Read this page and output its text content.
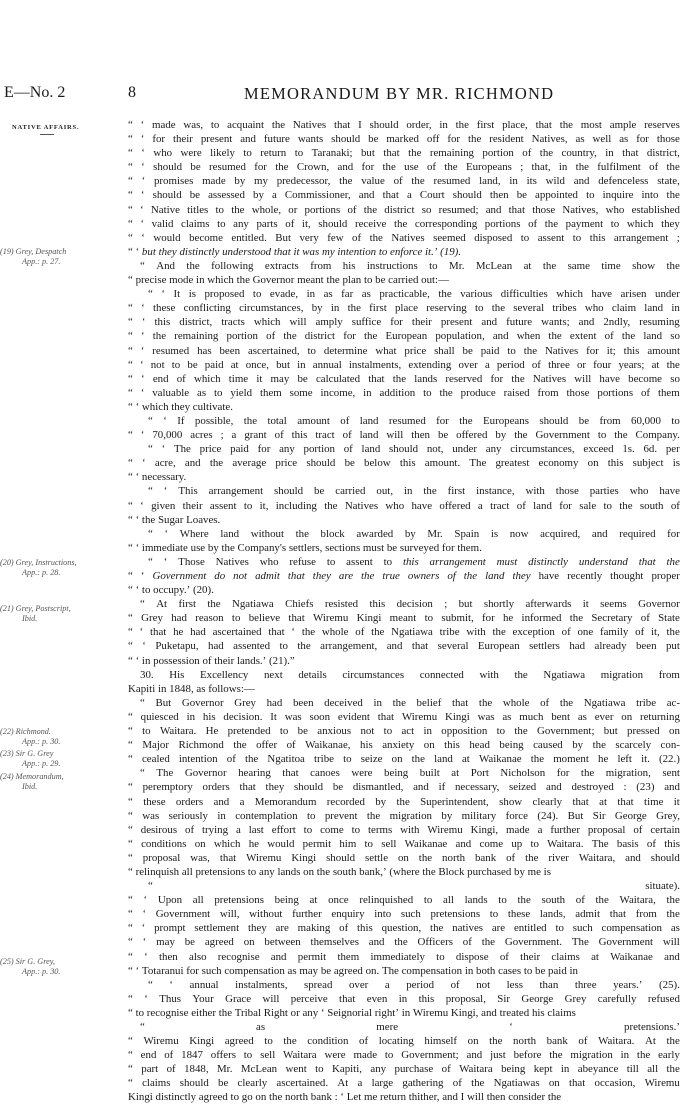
E—No. 2	8	MEMORANDUM BY MR. RICHMOND
NATIVE AFFAIRS.
(19) Grey, Despatch
App.: p. 27.
(20) Grey, Instructions,
App.: p. 28.
(21) Grey, Postscript,
Ibid.
(22) Richmond.
App.: p. 30.
(23) Sir G. Grey
App.: p. 29.
(24) Memorandum,
Ibid.
(25) Sir G. Grey,
App.: p. 30.
“ ‘ made was, to acquaint the Natives that I should order, in the first place, that the most ample reserves
“ ‘ for their present and future wants should be marked off for the resident Natives, as well as for those
“ ‘ who were likely to return to Taranaki; but that the remaining portion of the country, in that district,
“ ‘ should be resumed for the Crown, and for the use of the Europeans ; that, in the fulfilment of the
“ ‘ promises made by my predecessor, the value of the resumed land, in its wild and defenceless state,
“ ‘ should be assessed by a Commissioner, and that a Court should then be appointed to inquire into the
“ ‘ Native titles to the whole, or portions of the district so resumed; and that those Natives, who established
“ ‘ valid claims to any parts of it, should receive the corresponding portions of the payment to which they
“ ‘ would become entitled. But very few of the Natives seemed disposed to assent to this arrangement ;
“ ‘ but they distinctly understood that it was my intention to enforce it.’ (19).
“ And the following extracts from his instructions to Mr. McLean at the same time show the
“ precise mode in which the Governor meant the plan to be carried out:—
“ ‘ It is proposed to evade, in as far as practicable, the various difficulties which have arisen under
“ ‘ these conflicting circumstances, by in the first place reserving to the several tribes who claim land in
“ ‘ this district, tracts which will amply suffice for their present and future wants; and 2ndly, resuming
“ ‘ the remaining portion of the district for the European population, and when the extent of the land so
“ ‘ resumed has been ascertained, to determine what price shall be paid to the Natives for it; this amount
“ ‘ not to be paid at once, but in annual instalments, extending over a period of three or four years; at the
“ ‘ end of which time it may be calculated that the lands reserved for the Natives will have become so
“ ‘ valuable as to yield them some income, in addition to the produce raised from those portions of them
“ ‘ which they cultivate.
“ ‘ If possible, the total amount of land resumed for the Europeans should be from 60,000 to
“ ‘ 70,000 acres ; a grant of this tract of land will then be offered by the Government to the Company.
“ ‘ The price paid for any portion of land should not, under any circumstances, exceed 1s. 6d. per
“ ‘ acre, and the average price should be below this amount. The greatest economy on this subject is
“ ‘ necessary.
“ ‘ This arrangement should be carried out, in the first instance, with those parties who have
“ ‘ given their assent to it, including the Natives who have offered a tract of land for sale to the south of
“ ‘ the Sugar Loaves.
“ ‘ Where land without the block awarded by Mr. Spain is now acquired, and required for
“ ‘ immediate use by the Company's settlers, sections must be surveyed for them.
“ ‘ Those Natives who refuse to assent to this arrangement must distinctly understand that the
“ ‘ Government do not admit that they are the true owners of the land they have recently thought proper
“ ‘ to occupy.’ (20).
“ At first the Ngatiawa Chiefs resisted this decision ; but shortly afterwards it seems Governor
“ Grey had reason to believe that Wiremu Kingi meant to submit, for he informed the Secretary of State
“ ‘ that he had ascertained that ‘ the whole of the Ngatiawa tribe with the exception of one family of it, the
“ ‘ Puketapu, had assented to the arrangement, and that several European settlers had already been put
“ ‘ in possession of their lands.’ (21).”
30. His Excellency next details circumstances connected with the Ngatiawa migration from
Kapiti in 1848, as follows:—
“ But Governor Grey had been deceived in the belief that the whole of the Ngatiawa tribe ac-
“ quiesced in his decision. It was soon evident that Wiremu Kingi was as much bent as ever on returning
“ to Waitara. He pretended to be anxious not to act in opposition to the Government; but pressed on
“ Major Richmond the offer of Waikanae, his anxiety on this head being caused by the scarcely con-
“ cealed intention of the Ngatitoa tribe to seize on the land at Waikanae the moment he left it. (22.)
“ The Governor hearing that canoes were being built at Port Nicholson for the migration, sent
“ peremptory orders that they should be dismantled, and if necessary, seized and destroyed : (23) and
“ these orders and a Memorandum recorded by the Superintendent, show clearly that at that time it
“ was seriously in contemplation to prevent the migration by military force (24). But Sir George Grey,
“ desirous of trying a last effort to come to terms with Wiremu Kingi, made a further proposal of certain
“ conditions on which he would permit him to sell Waikanae and come up to Waitara. The basis of this
“ proposal was, that Wiremu Kingi should settle on the north bank of the river Waitara, and should
“ relinquish all pretensions to any lands on the south bank,’ (where the Block purchased by me is
“	situate).
“ ‘ Upon all pretensions being at once relinquished to all lands to the south of the Waitara, the
“ ‘ Government will, without further enquiry into such pretensions to these lands, admit that from the
“ ‘ prompt settlement they are making of this question, the natives are entitled to such compensation as
“ ‘ may be agreed on between themselves and the Officers of the Government. The Government will
“ ‘ then also recognise and permit them immediately to dispose of their claims at Waikanae and
“ ‘ Totaranui for such compensation as may be agreed on. The compensation in both cases to be paid in
“ ‘ annual instalments, spread over a period of not less than three years.’ (25).
“ ‘ Thus Your Grace will perceive that even in this proposal, Sir George Grey carefully refused
“ to recognise either the Tribal Right or any ‘ Seignorial right’ in Wiremu Kingi, and treated his claims
“	as	mere	‘	pretensions.’
“ Wiremu Kingi agreed to the condition of locating himself on the north bank of Waitara. At the
“ end of 1847 offers to sell Waitara were made to Government; and just before the migration in the early
“ part of 1848, Mr. McLean went to Kapiti, any purchase of Waitara being kept in abeyance till all the
“ claims should be clearly ascertained. At a large gathering of the Ngatiawas on that occasion, Wiremu
Kingi distinctly agreed to go on the north bank : ‘ Let me return thither, and I will then consider the
